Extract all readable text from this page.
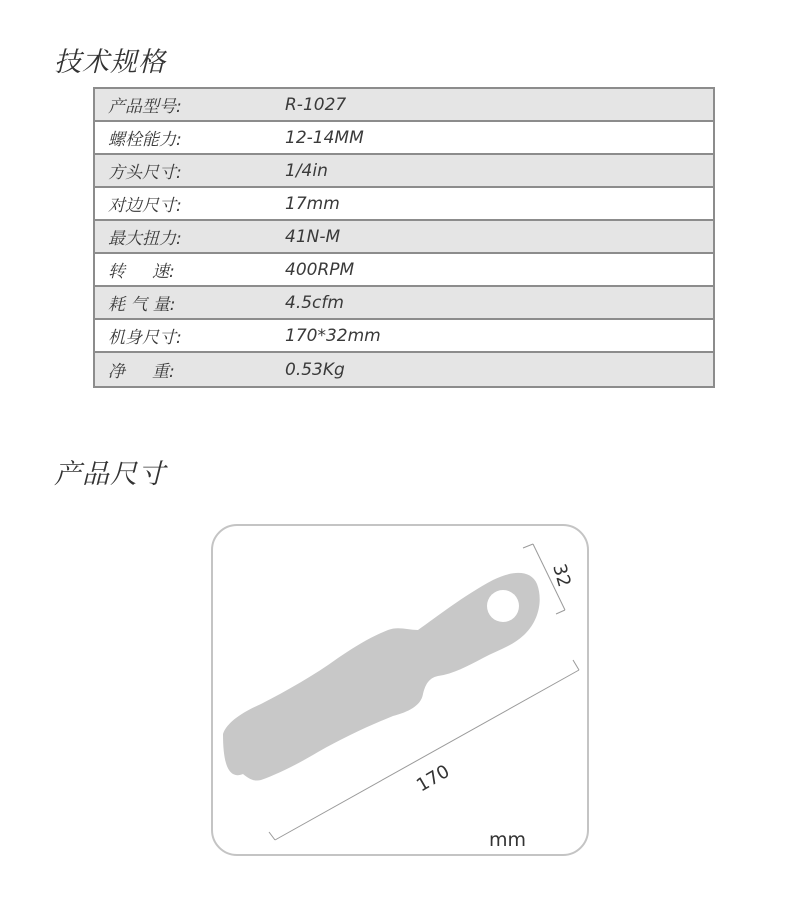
技术规格
产品型号:	R-1027
螺栓能力:	12-14MM
方头尺寸:	1/4in
对边尺寸:	17mm
最大扭力:	41N-M
转     速:	400RPM
耗 气 量:	4.5cfm
机身尺寸:	170*32mm
净     重:	0.53Kg
产品尺寸
32
170
mm
